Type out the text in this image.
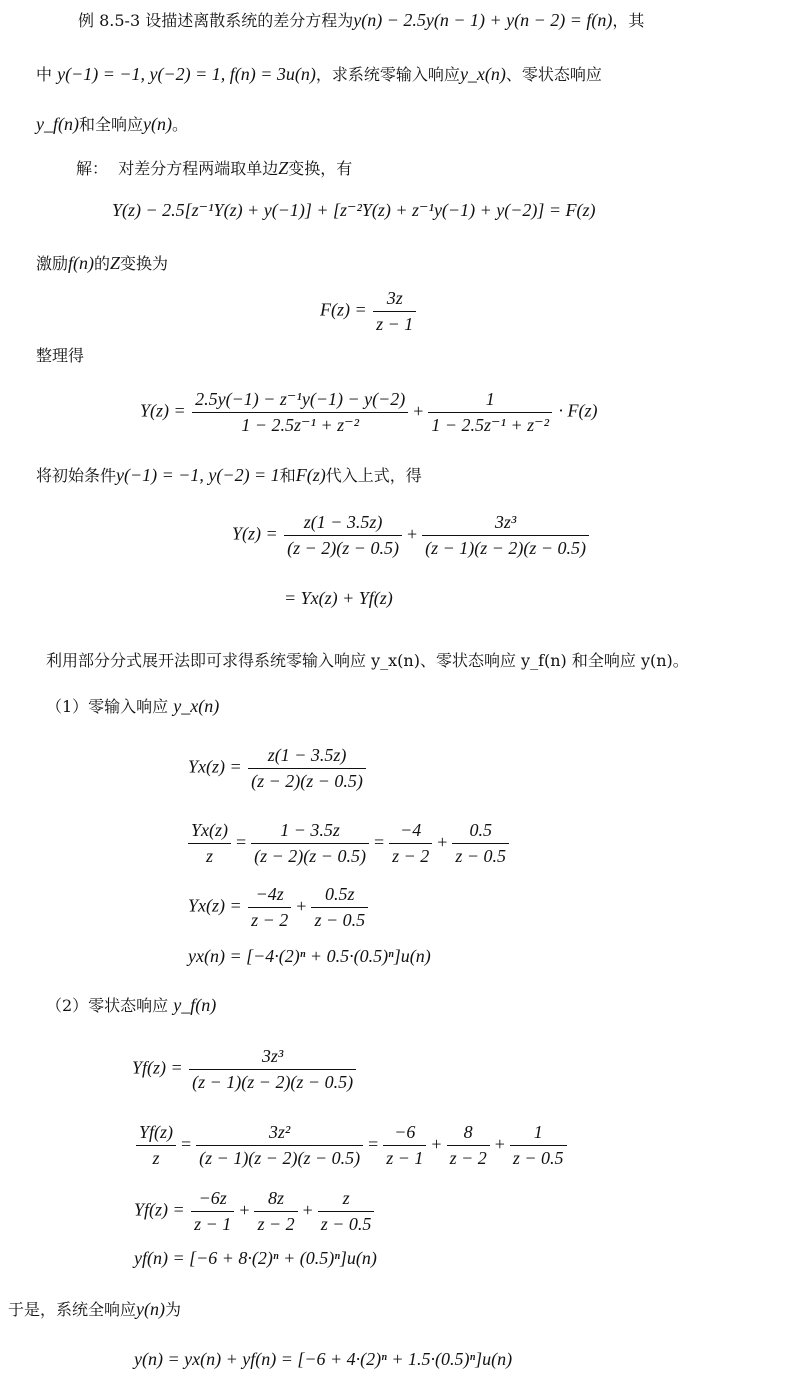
例 8.5-3 设描述离散系统的差分方程为y(n) − 2.5y(n − 1) + y(n − 2) = f(n)，其
中 y(−1) = −1, y(−2) = 1, f(n) = 3u(n)，求系统零输入响应y_x(n)、零状态响应
y_f(n)和全响应y(n)。
解： 对差分方程两端取单边Z变换，有
Y(z) − 2.5[z⁻¹Y(z) + y(−1)] + [z⁻²Y(z) + z⁻¹y(−1) + y(−2)] = F(z)
激励f(n)的Z变换为
$F(z) = \frac{3z}{z - 1}$
整理得
$Y(z) = \frac{\text{2.5y(−1) − z⁻¹y(−1) − y(−2)}}{\text{1 − 2.5z⁻¹ + z⁻²}} + \frac{1}{\text{1 − 2.5z⁻¹ + z⁻²}} \cdot F(z)$
将初始条件y(−1) = −1, y(−2) = 1和F(z)代入上式，得
$Y(z) = \frac{z(1 - 3.5z)}{(z - 2)(z - 0.5)} + \frac{\text{3z³}}{(z - 1)(z - 2)(z - 0.5)}$
= Yx(z) + Yf(z)
利用部分分式展开法即可求得系统零输入响应 y_x(n)、零状态响应 y_f(n) 和全响应 y(n)。
（1）零输入响应 y_x(n)
$Yx(z) = \frac{z(1 - 3.5z)}{(z - 2)(z - 0.5)}$
$\frac{Yx(z)}{z} = \frac{1 - 3.5z}{(z - 2)(z - 0.5)} = \frac{-4}{z - 2} + \frac{0.5}{z - 0.5}$
$Yx(z) = \frac{-4z}{z - 2} + \frac{0.5z}{z - 0.5}$
yx(n) = [−4·(2)ⁿ + 0.5·(0.5)ⁿ]u(n)
（2）零状态响应 y_f(n)
$Yf(z) = \frac{\text{3z³}}{(z - 1)(z - 2)(z - 0.5)}$
$\frac{Yf(z)}{z} = \frac{\text{3z²}}{(z - 1)(z - 2)(z - 0.5)} = \frac{-6}{z - 1} + \frac{8}{z - 2} + \frac{1}{z - 0.5}$
$Yf(z) = \frac{-6z}{z - 1} + \frac{8z}{z - 2} + \frac{z}{z - 0.5}$
yf(n) = [−6 + 8·(2)ⁿ + (0.5)ⁿ]u(n)
于是，系统全响应y(n)为
y(n) = yx(n) + yf(n) = [−6 + 4·(2)ⁿ + 1.5·(0.5)ⁿ]u(n)
